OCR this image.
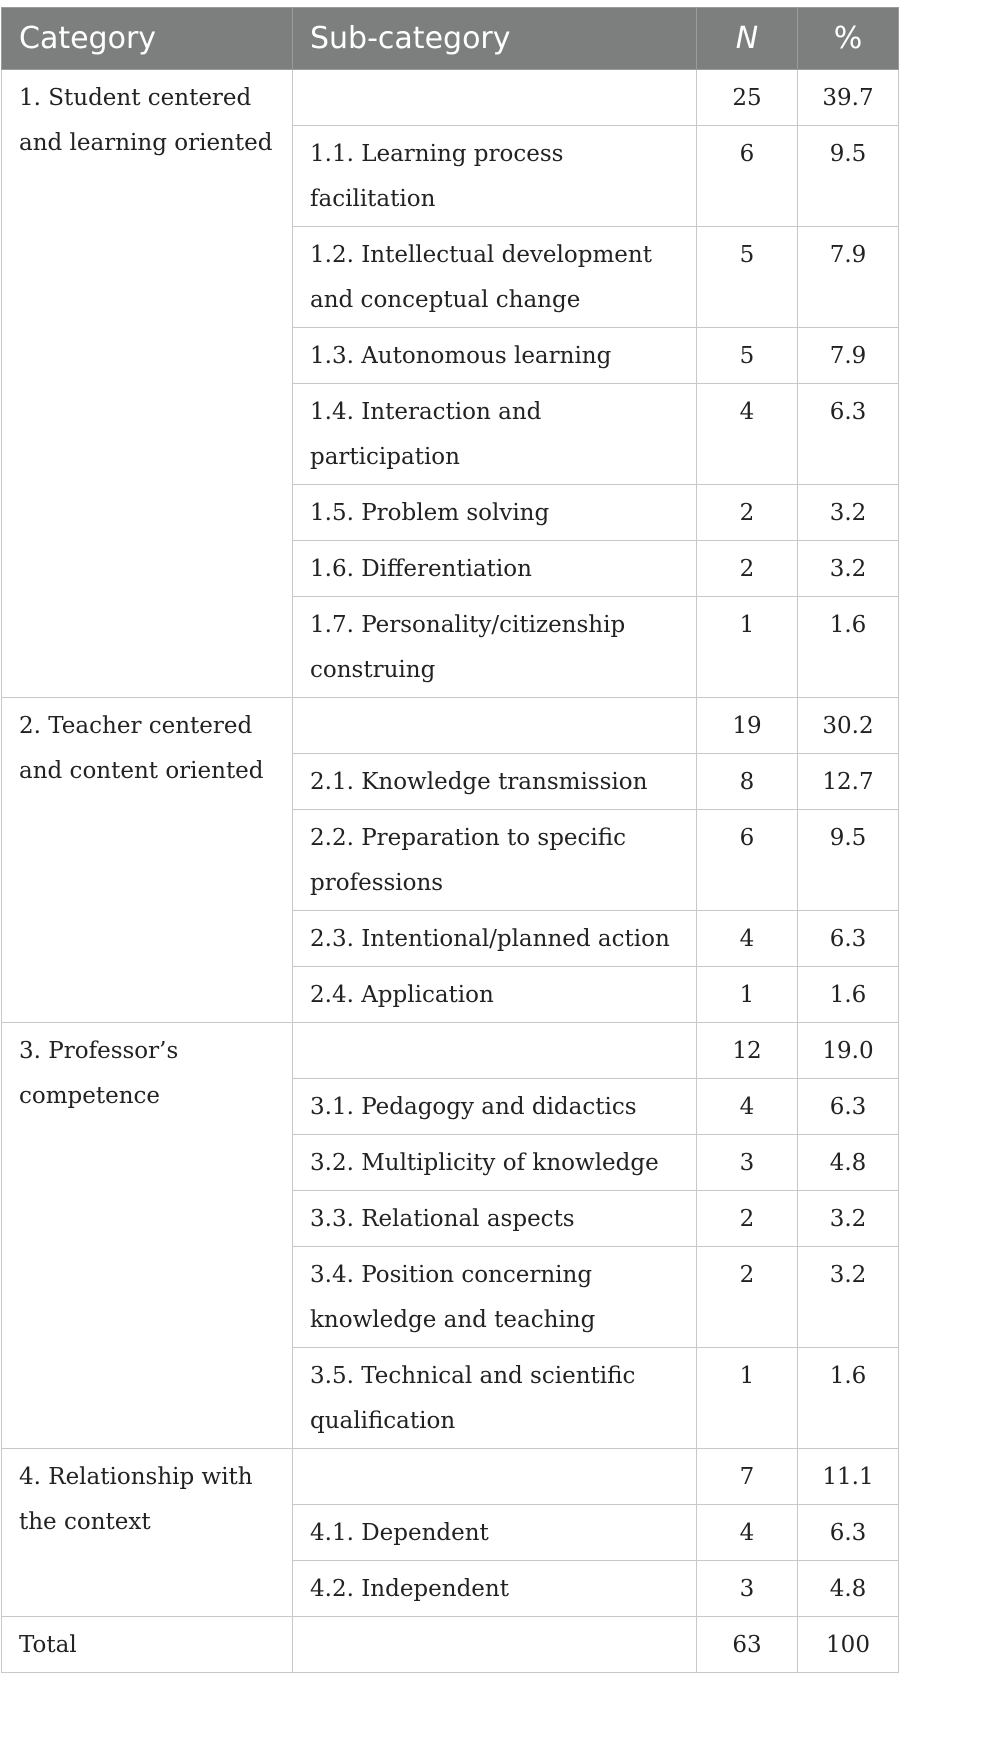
Category	Sub-category	N	%
1. Student centered and learning oriented		25	39.7
	1.1. Learning process facilitation	6	9.5
	1.2. Intellectual development and conceptual change	5	7.9
	1.3. Autonomous learning	5	7.9
	1.4. Interaction and participation	4	6.3
	1.5. Problem solving	2	3.2
	1.6. Differentiation	2	3.2
	1.7. Personality/citizenship construing	1	1.6
2. Teacher centered and content oriented		19	30.2
	2.1. Knowledge transmission	8	12.7
	2.2. Preparation to specific professions	6	9.5
	2.3. Intentional/planned action	4	6.3
	2.4. Application	1	1.6
3. Professor’s competence		12	19.0
	3.1. Pedagogy and didactics	4	6.3
	3.2. Multiplicity of knowledge	3	4.8
	3.3. Relational aspects	2	3.2
	3.4. Position concerning knowledge and teaching	2	3.2
	3.5. Technical and scientific qualification	1	1.6
4. Relationship with the context		7	11.1
	4.1. Dependent	4	6.3
	4.2. Independent	3	4.8
Total		63	100
